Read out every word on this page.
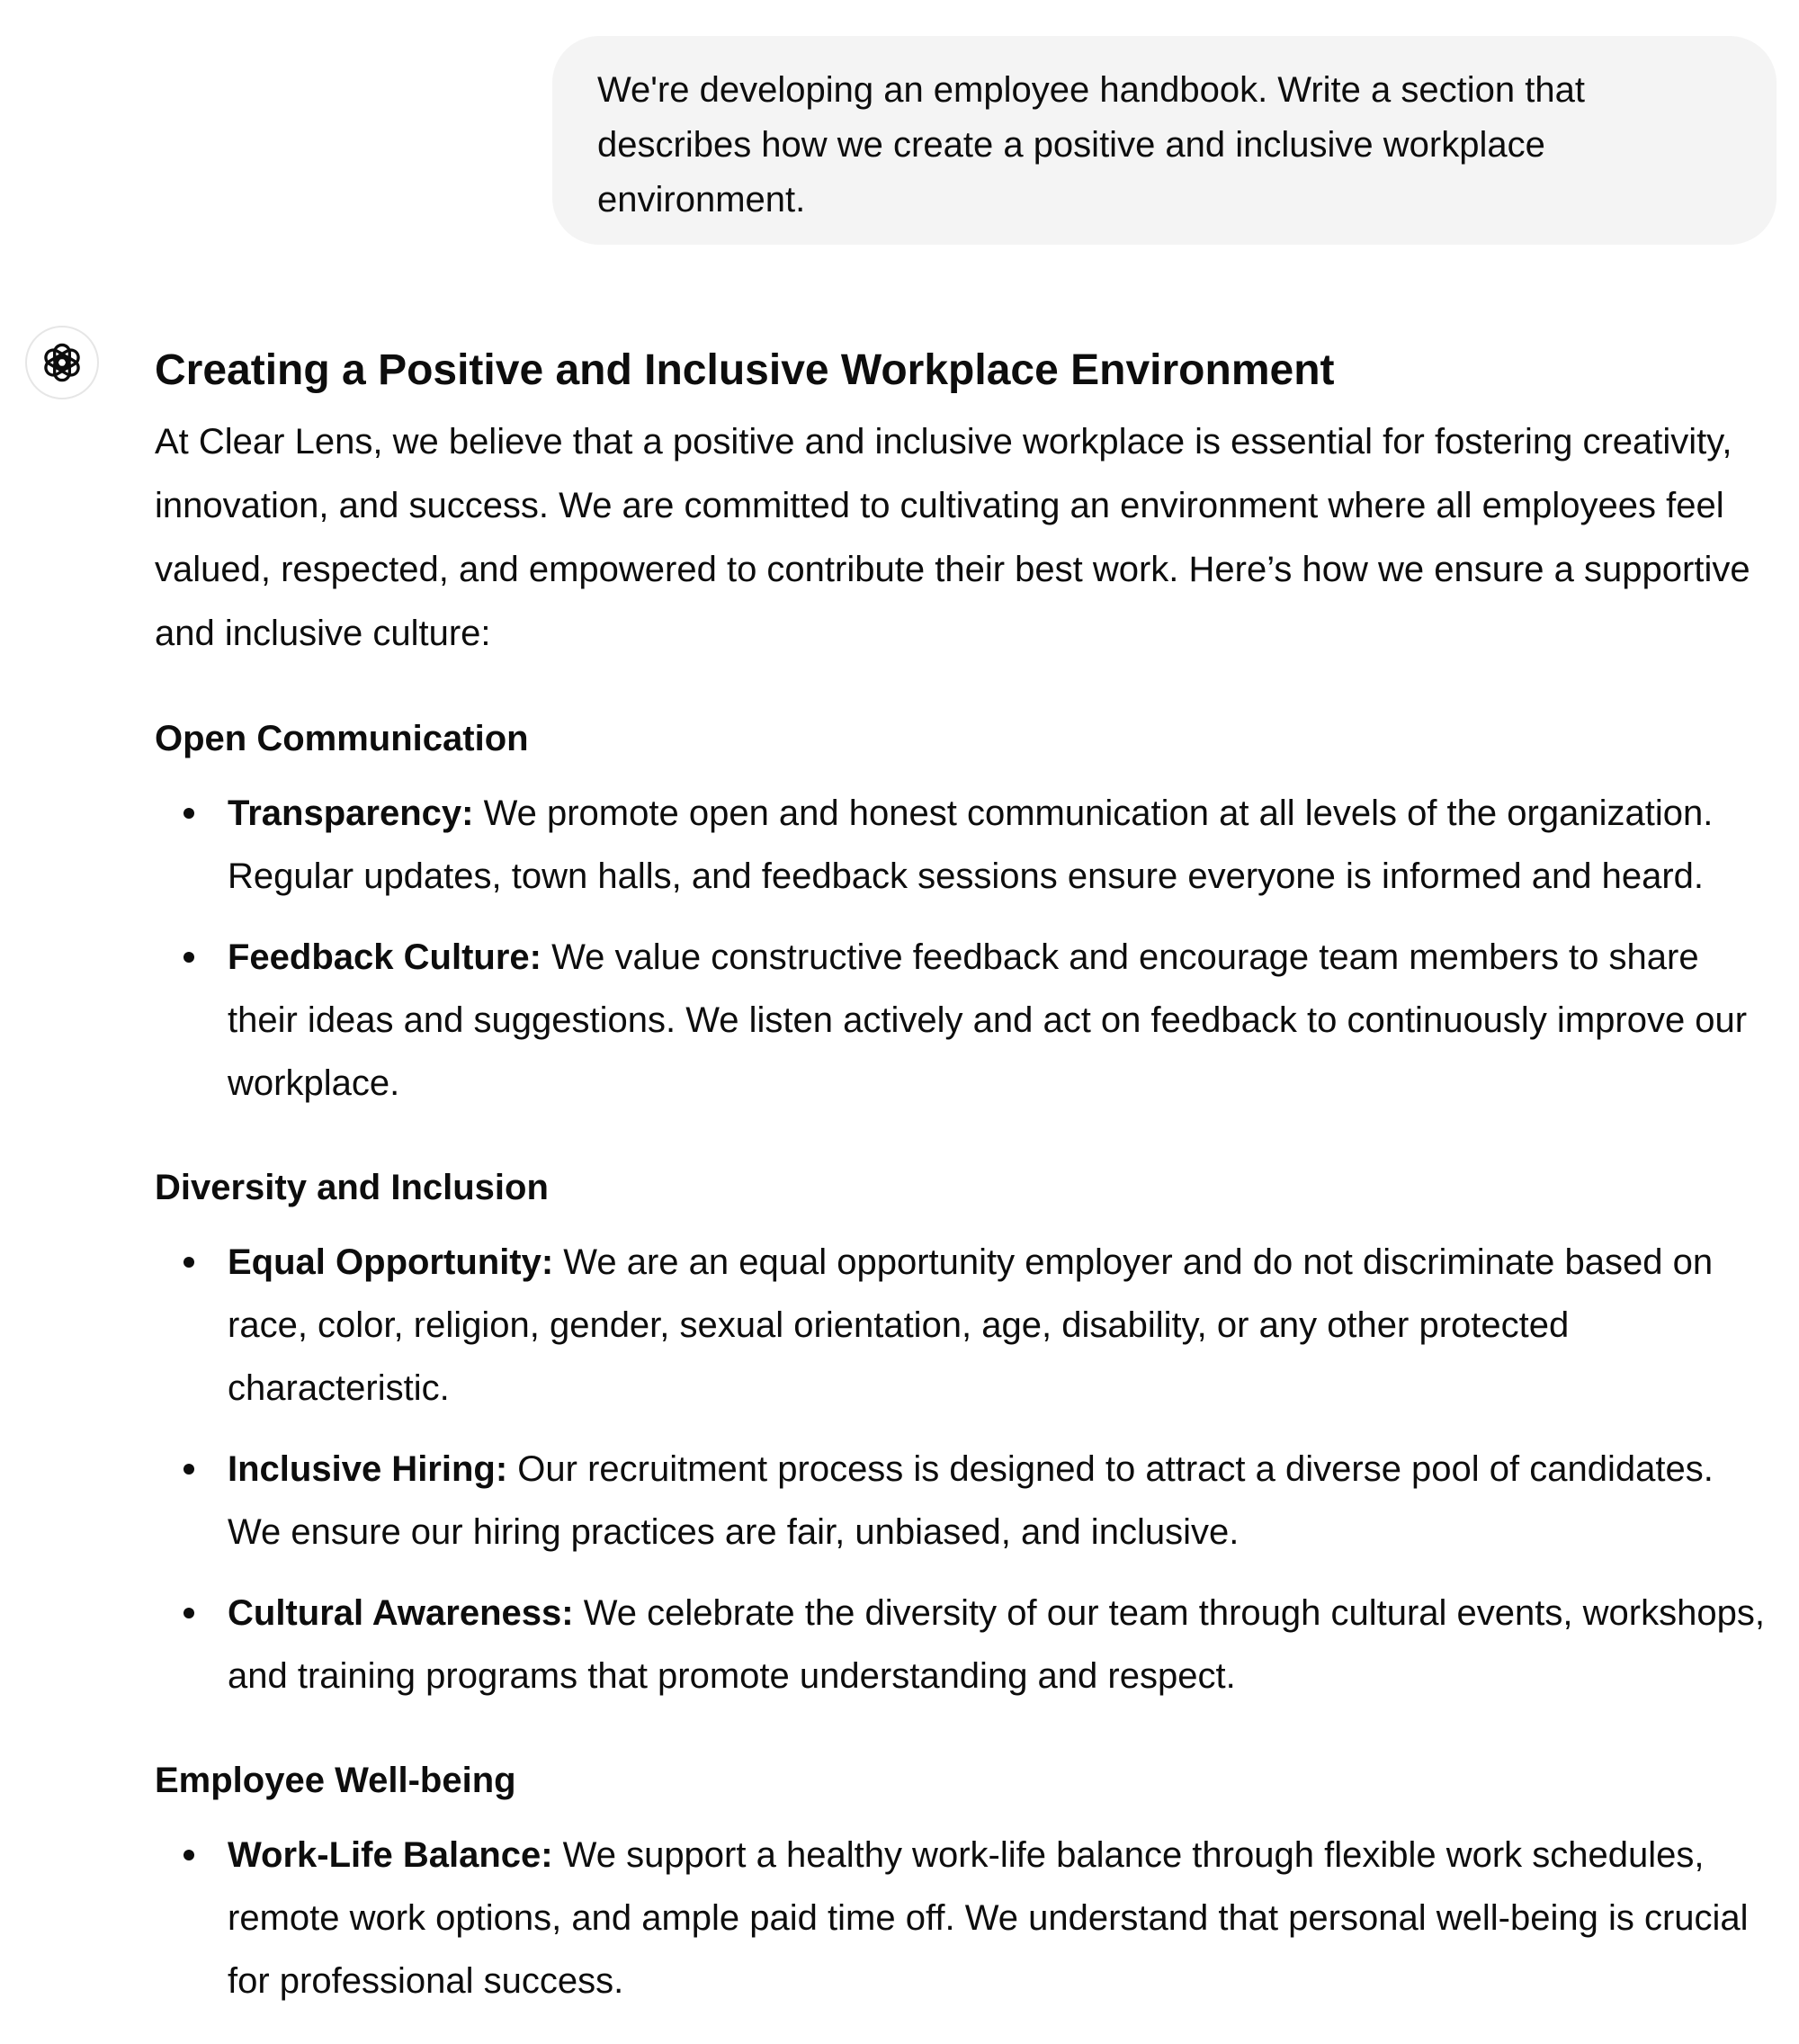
We're developing an employee handbook. Write a section that describes how we create a positive and inclusive workplace environment.
Creating a Positive and Inclusive Workplace Environment

At Clear Lens, we believe that a positive and inclusive workplace is essential for fostering creativity, innovation, and success. We are committed to cultivating an environment where all employees feel valued, respected, and empowered to contribute their best work. Here’s how we ensure a supportive and inclusive culture:

Open Communication

Transparency: We promote open and honest communication at all levels of the organization. Regular updates, town halls, and feedback sessions ensure everyone is informed and heard.
Feedback Culture: We value constructive feedback and encourage team members to share their ideas and suggestions. We listen actively and act on feedback to continuously improve our workplace.

Diversity and Inclusion

Equal Opportunity: We are an equal opportunity employer and do not discriminate based on race, color, religion, gender, sexual orientation, age, disability, or any other protected characteristic.
Inclusive Hiring: Our recruitment process is designed to attract a diverse pool of candidates. We ensure our hiring practices are fair, unbiased, and inclusive.
Cultural Awareness: We celebrate the diversity of our team through cultural events, workshops, and training programs that promote understanding and respect.

Employee Well-being

Work-Life Balance: We support a healthy work-life balance through flexible work schedules, remote work options, and ample paid time off. We understand that personal well-being is crucial for professional success.
